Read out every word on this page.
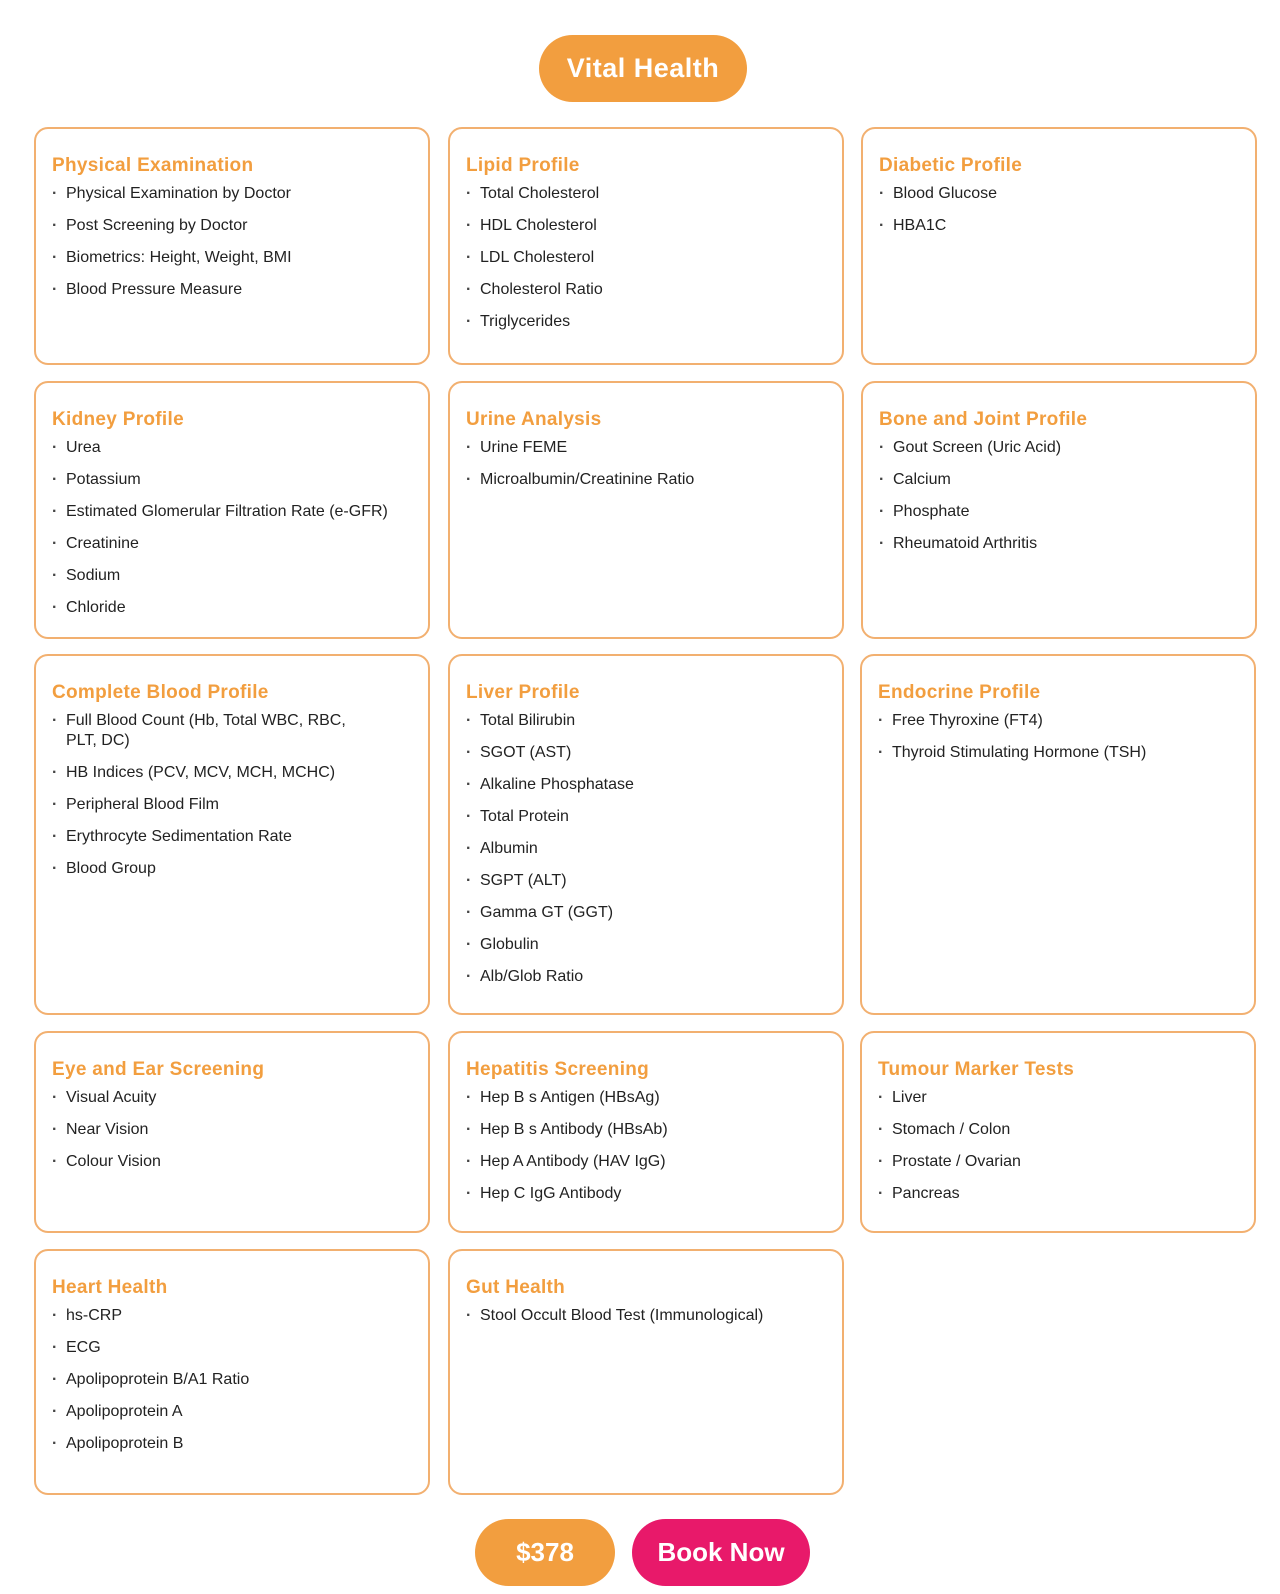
Vital Health
Physical Examination
· Physical Examination by Doctor
· Post Screening by Doctor
· Biometrics: Height, Weight, BMI
· Blood Pressure Measure
Lipid Profile
· Total Cholesterol
· HDL Cholesterol
· LDL Cholesterol
· Cholesterol Ratio
· Triglycerides
Diabetic Profile
· Blood Glucose
· HBA1C
Kidney Profile
· Urea
· Potassium
· Estimated Glomerular Filtration Rate (e-GFR)
· Creatinine
· Sodium
· Chloride
Urine Analysis
· Urine FEME
· Microalbumin/Creatinine Ratio
Bone and Joint Profile
· Gout Screen (Uric Acid)
· Calcium
· Phosphate
· Rheumatoid Arthritis
Complete Blood Profile
· Full Blood Count (Hb, Total WBC, RBC, PLT, DC)
· HB Indices (PCV, MCV, MCH, MCHC)
· Peripheral Blood Film
· Erythrocyte Sedimentation Rate
· Blood Group
Liver Profile
· Total Bilirubin
· SGOT (AST)
· Alkaline Phosphatase
· Total Protein
· Albumin
· SGPT (ALT)
· Gamma GT (GGT)
· Globulin
· Alb/Glob Ratio
Endocrine Profile
· Free Thyroxine (FT4)
· Thyroid Stimulating Hormone (TSH)
Eye and Ear Screening
· Visual Acuity
· Near Vision
· Colour Vision
Hepatitis Screening
· Hep B s Antigen (HBsAg)
· Hep B s Antibody (HBsAb)
· Hep A Antibody (HAV IgG)
· Hep C IgG Antibody
Tumour Marker Tests
· Liver
· Stomach / Colon
· Prostate / Ovarian
· Pancreas
Heart Health
· hs-CRP
· ECG
· Apolipoprotein B/A1 Ratio
· Apolipoprotein A
· Apolipoprotein B
Gut Health
· Stool Occult Blood Test (Immunological)
$378	Book Now
